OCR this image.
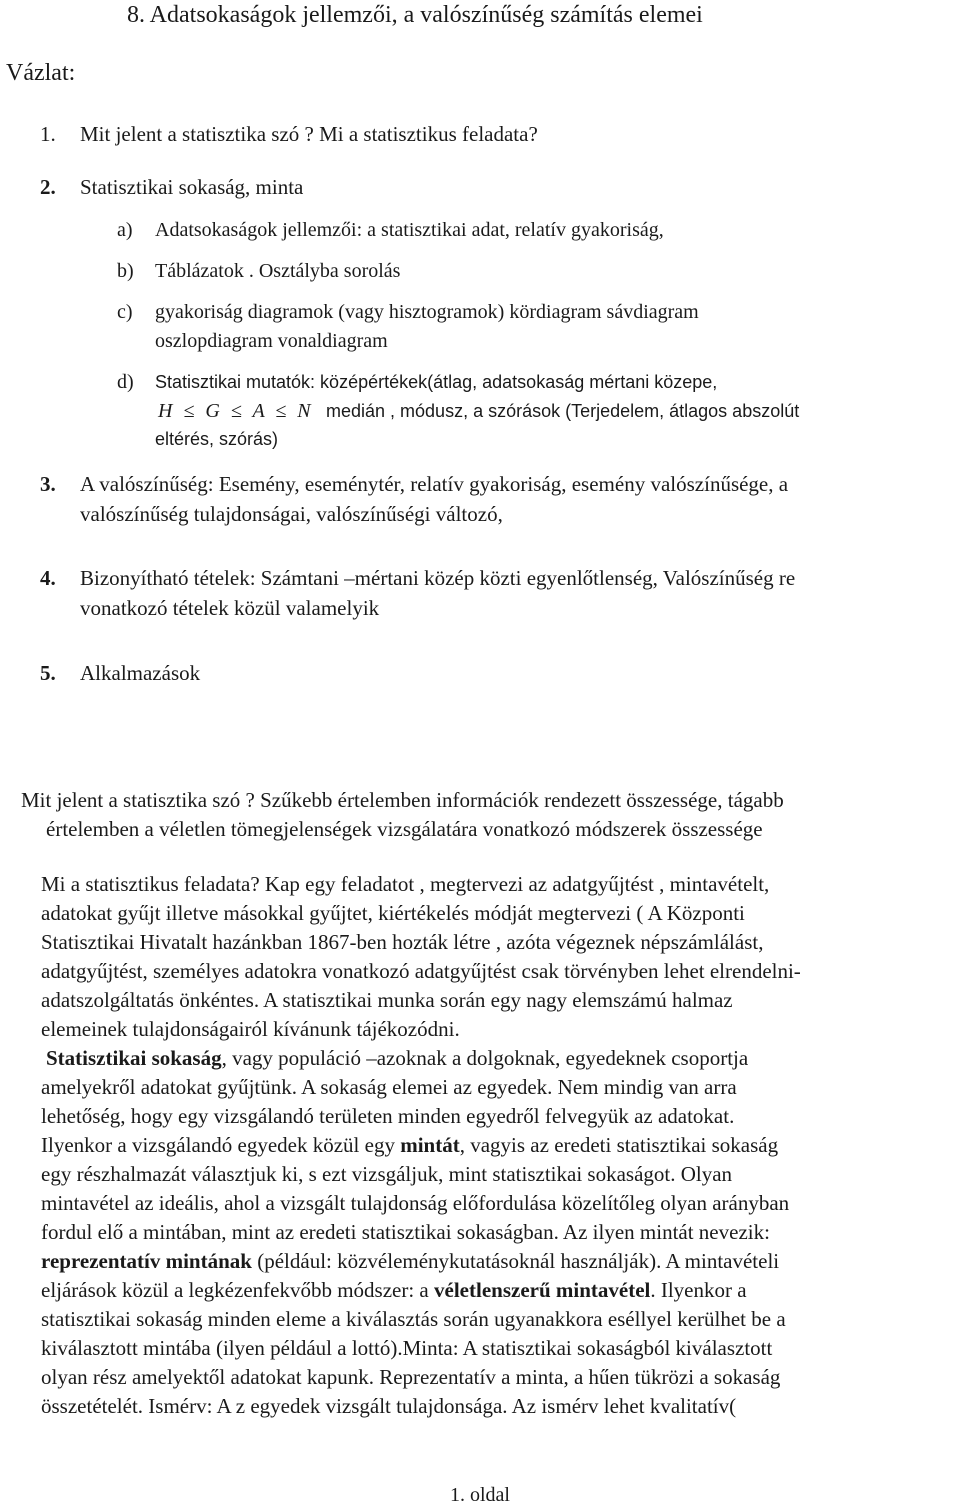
8. Adatsokaságok jellemzői, a valószínűség számítás elemei
Vázlat:
1. Mit jelent a statisztika szó ? Mi a statisztikus feladata?
2. Statisztikai sokaság, minta
a) Adatsokaságok jellemzői: a statisztikai adat, relatív gyakoriság,
b) Táblázatok . Osztályba sorolás
c) gyakoriság diagramok (vagy hisztogramok) kördiagram sávdiagram
oszlopdiagram vonaldiagram
d) Statisztikai mutatók: középértékek(átlag, adatsokaság mértani közepe,
H ≤ G ≤ A ≤ N medián , módusz, a szórások (Terjedelem, átlagos abszolút
eltérés, szórás)
3. A valószínűség: Esemény, eseménytér, relatív gyakoriság, esemény valószínűsége, a
valószínűség tulajdonságai, valószínűségi változó,
4. Bizonyítható tételek: Számtani –mértani közép közti egyenlőtlenség, Valószínűség re
vonatkozó tételek közül valamelyik
5. Alkalmazások
Mit jelent a statisztika szó ? Szűkebb értelemben információk rendezett összessége, tágabb
értelemben a véletlen tömegjelenségek vizsgálatára vonatkozó módszerek összessége
Mi a statisztikus feladata? Kap egy feladatot , megtervezi az adatgyűjtést , mintavételt,
adatokat gyűjt illetve másokkal gyűjtet, kiértékelés módját megtervezi ( A Központi
Statisztikai Hivatalt hazánkban 1867-ben hozták létre , azóta végeznek népszámlálást,
adatgyűjtést, személyes adatokra vonatkozó adatgyűjtést csak törvényben lehet elrendelni-
adatszolgáltatás önkéntes. A statisztikai munka során egy nagy elemszámú halmaz
elemeinek tulajdonságairól kívánunk tájékozódni.
Statisztikai sokaság, vagy populáció –azoknak a dolgoknak, egyedeknek csoportja
amelyekről adatokat gyűjtünk. A sokaság elemei az egyedek. Nem mindig van arra
lehetőség, hogy egy vizsgálandó területen minden egyedről felvegyük az adatokat.
Ilyenkor a vizsgálandó egyedek közül egy mintát, vagyis az eredeti statisztikai sokaság
egy részhalmazát választjuk ki, s ezt vizsgáljuk, mint statisztikai sokaságot. Olyan
mintavétel az ideális, ahol a vizsgált tulajdonság előfordulása közelítőleg olyan arányban
fordul elő a mintában, mint az eredeti statisztikai sokaságban. Az ilyen mintát nevezik:
reprezentatív mintának (például: közvéleménykutatásoknál használják). A mintavételi
eljárások közül a legkézenfekvőbb módszer: a véletlenszerű mintavétel. Ilyenkor a
statisztikai sokaság minden eleme a kiválasztás során ugyanakkora eséllyel kerülhet be a
kiválasztott mintába (ilyen például a lottó).Minta: A statisztikai sokaságból kiválasztott
olyan rész amelyektől adatokat kapunk. Reprezentatív a minta, a hűen tükrözi a sokaság
összetételét. Ismérv: A z egyedek vizsgált tulajdonsága. Az ismérv lehet kvalitatív(
1. oldal
